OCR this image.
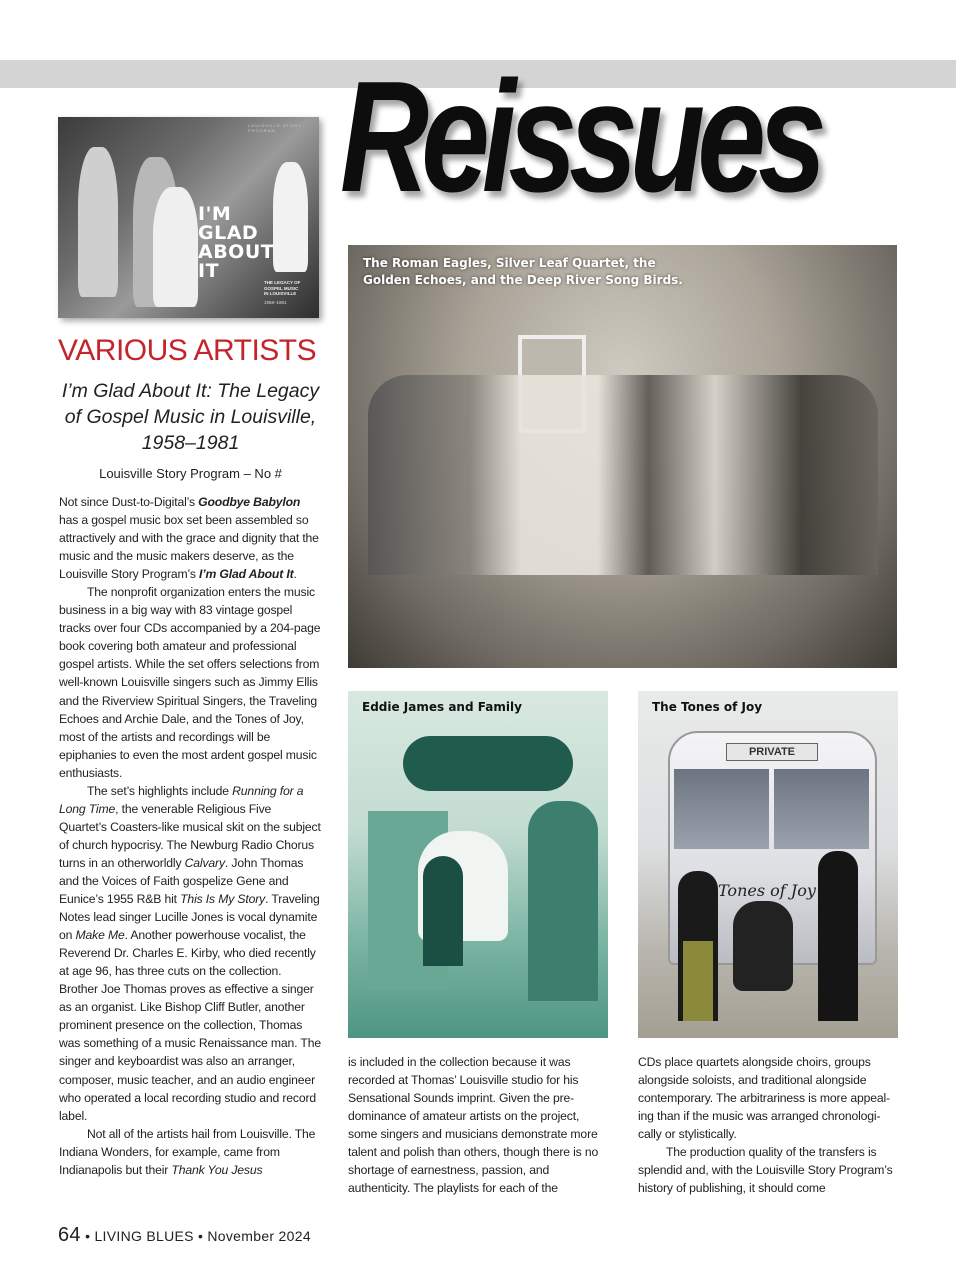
Reissues
LOUISVILLE STORY PROGRAM
I'M
GLAD
ABOUT
IT
THE LEGACY OF
GOSPEL MUSIC
IN LOUISVILLE
1958–1981
VARIOUS ARTISTS
I’m Glad About It: The Legacy of Gospel Music in Louisville, 1958–1981
Louisville Story Program – No #

Not since Dust-to-Digital’s Goodbye Babylon has a gospel music box set been assembled so attractively and with the grace and dignity that the music and the music makers deserve, as the Louisville Story Program’s I’m Glad About It.

The nonprofit organization enters the music business in a big way with 83 vintage gospel tracks over four CDs accompanied by a 204-page book covering both amateur and professional gospel artists. While the set offers selections from well-known Louisville singers such as Jimmy Ellis and the Riverview Spiritual Singers, the Traveling Echoes and Archie Dale, and the Tones of Joy, most of the artists and recordings will be epiphanies to even the most ardent gospel music enthusiasts.

The set’s highlights include Running for a Long Time, the venerable Religious Five Quartet’s Coasters-like musical skit on the subject of church hypocrisy. The Newburg Radio Chorus turns in an otherworldly Calvary. John Thomas and the Voices of Faith gospelize Gene and Eunice’s 1955 R&B hit This Is My Story. Traveling Notes lead singer Lucille Jones is vocal dynamite on Make Me. Another powerhouse vocalist, the Reverend Dr. Charles E. Kirby, who died recently at age 96, has three cuts on the collection. Brother Joe Thomas proves as effective a singer as an organist. Like Bishop Cliff Butler, another prominent presence on the collection, Thomas was something of a music Renaissance man. The singer and keyboardist was also an arranger, composer, music teacher, and an audio engineer who operated a local recording studio and record label.

Not all of the artists hail from Louisville. The Indiana Wonders, for example, came from Indianapolis but their Thank You Jesus

The Roman Eagles, Silver Leaf Quartet, the Golden Echoes, and the Deep River Song Birds.
Eddie James and Family
PRIVATE
Tones of Joy
The Tones of Joy

is included in the collection because it was recorded at Thomas’ Louisville studio for his Sensational Sounds imprint. Given the predominance of amateur artists on the project, some singers and musicians demonstrate more talent and polish than others, though there is no shortage of earnestness, passion, and authenticity. The playlists for each of the

CDs place quartets alongside choirs, groups alongside soloists, and traditional alongside contemporary. The arbitrariness is more appealing than if the music was arranged chronologically or stylistically.

The production quality of the transfers is splendid and, with the Louisville Story Program’s history of publishing, it should come

64 • LIVING BLUES • November 2024
